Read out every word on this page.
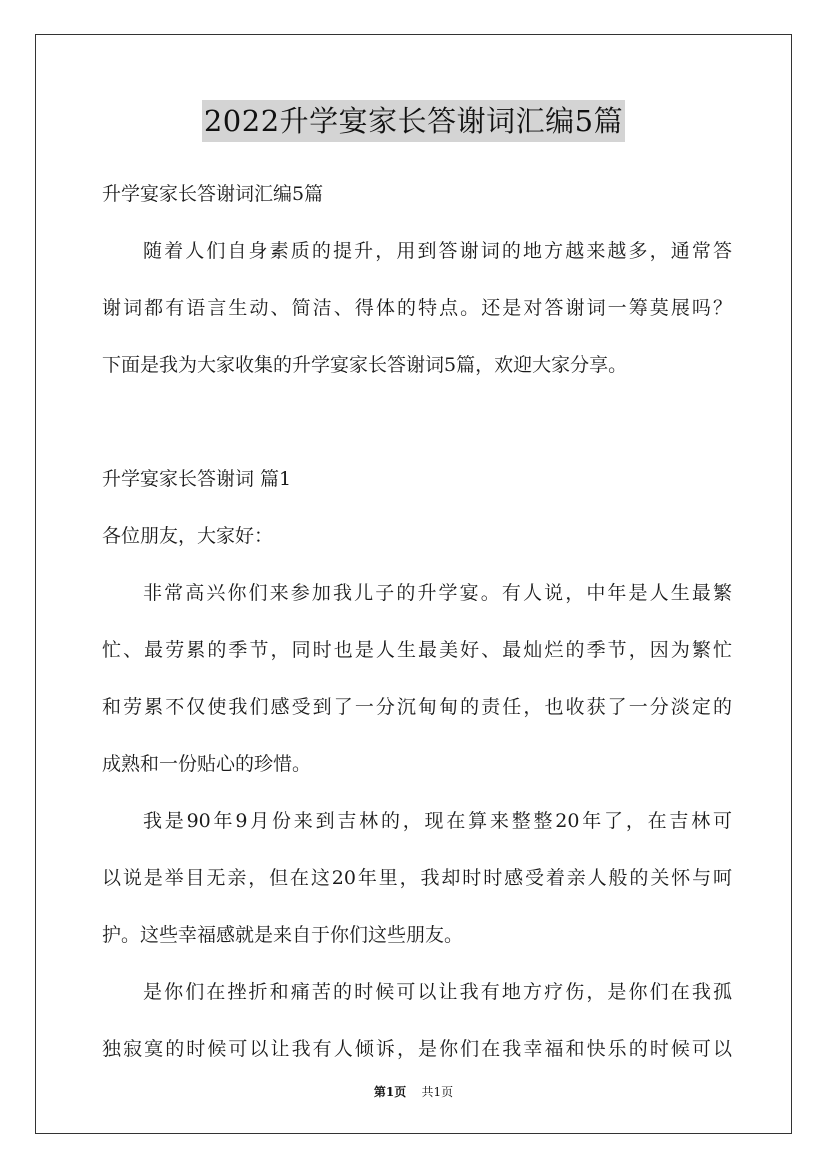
2022升学宴家长答谢词汇编5篇
升学宴家长答谢词汇编5篇
随着人们自身素质的提升，用到答谢词的地方越来越多，通常答
谢词都有语言生动、简洁、得体的特点。还是对答谢词一筹莫展吗？
下面是我为大家收集的升学宴家长答谢词5篇，欢迎大家分享。
升学宴家长答谢词 篇1
各位朋友，大家好：
非常高兴你们来参加我儿子的升学宴。有人说，中年是人生最繁
忙、最劳累的季节，同时也是人生最美好、最灿烂的季节，因为繁忙
和劳累不仅使我们感受到了一分沉甸甸的责任，也收获了一分淡定的
成熟和一份贴心的珍惜。
我是90年9月份来到吉林的，现在算来整整20年了，在吉林可
以说是举目无亲，但在这20年里，我却时时感受着亲人般的关怀与呵
护。这些幸福感就是来自于你们这些朋友。
是你们在挫折和痛苦的时候可以让我有地方疗伤，是你们在我孤
独寂寞的时候可以让我有人倾诉，是你们在我幸福和快乐的时候可以
第1页 共1页
